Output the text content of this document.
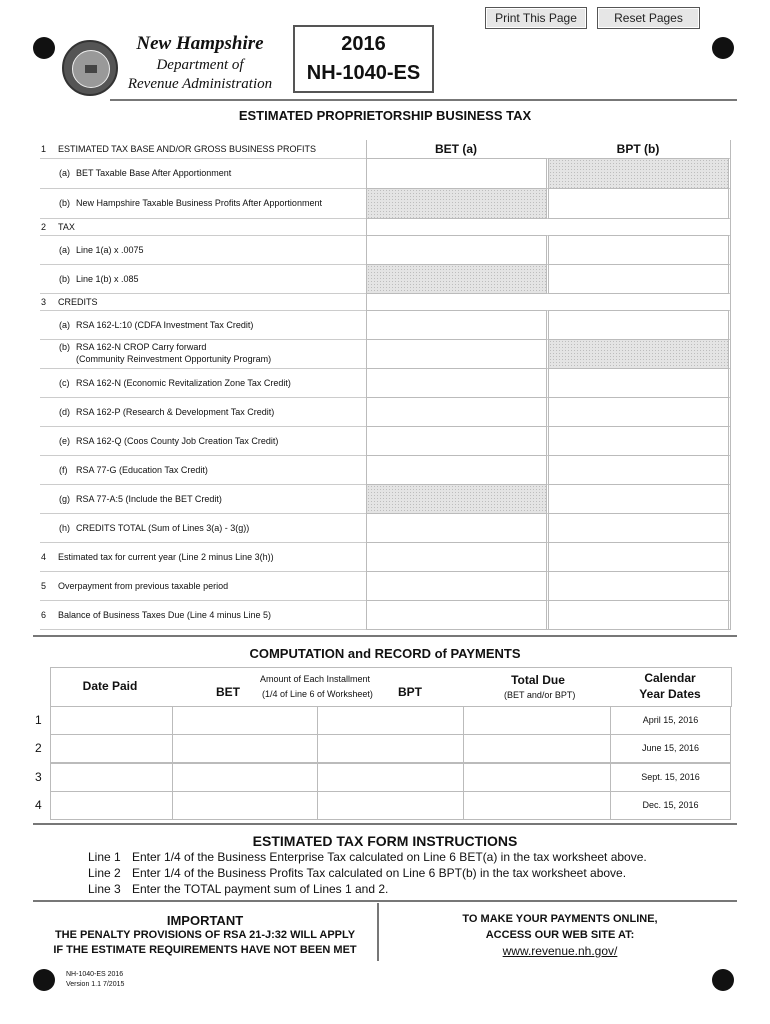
Print This Page	Reset Pages
New Hampshire
Department of
Revenue Administration
2016
NH-1040-ES
ESTIMATED PROPRIETORSHIP BUSINESS TAX
BET (a)	BPT (b)
1 ESTIMATED TAX BASE AND/OR GROSS BUSINESS PROFITS
(a) BET Taxable Base After Apportionment
(b) New Hampshire Taxable Business Profits After Apportionment
2 TAX
(a) Line 1(a) x .0075
(b) Line 1(b) x .085
3 CREDITS
(a) RSA 162-L:10 (CDFA Investment Tax Credit)
(b) RSA 162-N CROP Carry forward
(Community Reinvestment Opportunity Program)
(c) RSA 162-N (Economic Revitalization Zone Tax Credit)
(d) RSA 162-P (Research & Development Tax Credit)
(e) RSA 162-Q (Coos County Job Creation Tax Credit)
(f) RSA 77-G (Education Tax Credit)
(g) RSA 77-A:5 (Include the BET Credit)
(h) CREDITS TOTAL (Sum of Lines 3(a) - 3(g))
4 Estimated tax for current year (Line 2 minus Line 3(h))
5 Overpayment from previous taxable period
6 Balance of Business Taxes Due (Line 4 minus Line 5)
COMPUTATION and RECORD of PAYMENTS
Date Paid	Amount of Each Installment
(1/4 of Line 6 of Worksheet)
BET	BPT
Total Due
(BET and/or BPT)
Calendar
Year Dates
1	April 15, 2016
2	June 15, 2016
3	Sept. 15, 2016
4	Dec. 15, 2016
ESTIMATED TAX FORM INSTRUCTIONS
Line 1 Enter 1/4 of the Business Enterprise Tax calculated on Line 6 BET(a) in the tax worksheet above.
Line 2 Enter 1/4 of the Business Profits Tax calculated on Line 6 BPT(b) in the tax worksheet above.
Line 3 Enter the TOTAL payment sum of Lines 1 and 2.
IMPORTANT
THE PENALTY PROVISIONS OF RSA 21-J:32 WILL APPLY
IF THE ESTIMATE REQUIREMENTS HAVE NOT BEEN MET
TO MAKE YOUR PAYMENTS ONLINE,
ACCESS OUR WEB SITE AT:
www.revenue.nh.gov/
NH-1040-ES 2016
Version 1.1 7/2015
